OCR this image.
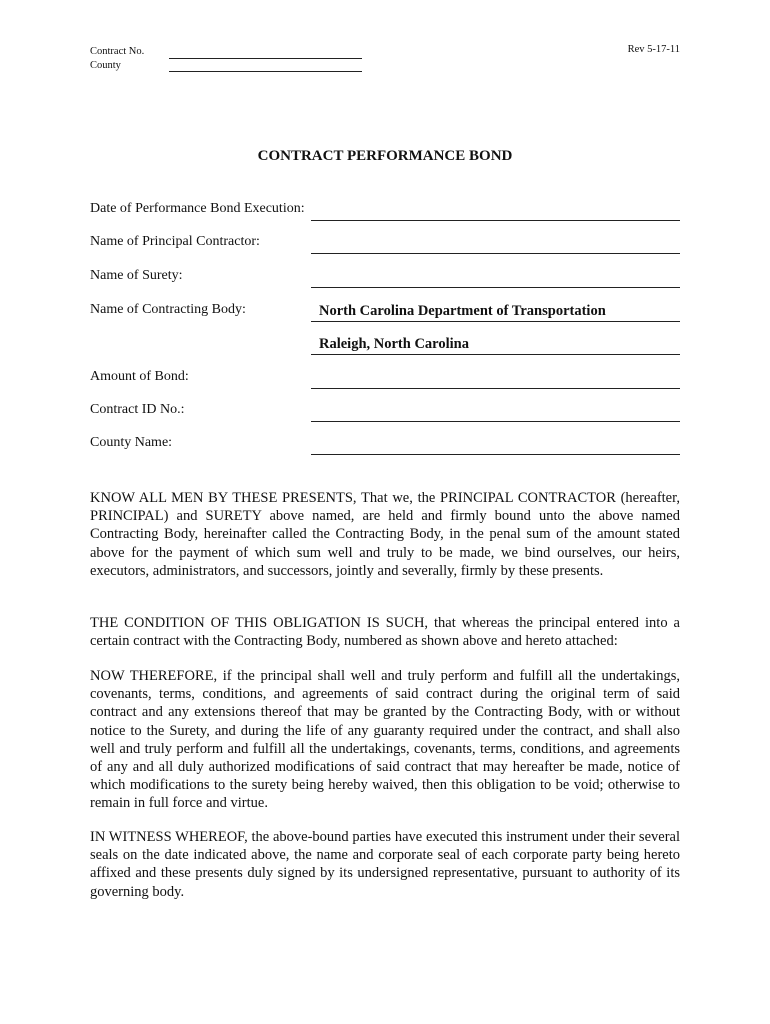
Contract No.
County
Rev 5-17-11
CONTRACT PERFORMANCE BOND
Date of Performance Bond Execution:
Name of Principal Contractor:
Name of Surety:
Name of Contracting Body:	North Carolina Department of Transportation
Raleigh, North Carolina
Amount of Bond:
Contract ID No.:
County Name:
KNOW ALL MEN BY THESE PRESENTS, That we, the PRINCIPAL CONTRACTOR (hereafter, PRINCIPAL) and SURETY above named, are held and firmly bound unto the above named Contracting Body, hereinafter called the Contracting Body, in the penal sum of the amount stated above for the payment of which sum well and truly to be made, we bind ourselves, our heirs, executors, administrators, and successors, jointly and severally, firmly by these presents.
THE CONDITION OF THIS OBLIGATION IS SUCH, that whereas the principal entered into a certain contract with the Contracting Body, numbered as shown above and hereto attached:
NOW THEREFORE, if the principal shall well and truly perform and fulfill all the undertakings, covenants, terms, conditions, and agreements of said contract during the original term of said contract and any extensions thereof that may be granted by the Contracting Body, with or without notice to the Surety, and during the life of any guaranty required under the contract, and shall also well and truly perform and fulfill all the undertakings, covenants, terms, conditions, and agreements of any and all duly authorized modifications of said contract that may hereafter be made, notice of which modifications to the surety being hereby waived, then this obligation to be void; otherwise to remain in full force and virtue.
IN WITNESS WHEREOF, the above-bound parties have executed this instrument under their several seals on the date indicated above, the name and corporate seal of each corporate party being hereto affixed and these presents duly signed by its undersigned representative, pursuant to authority of its governing body.
